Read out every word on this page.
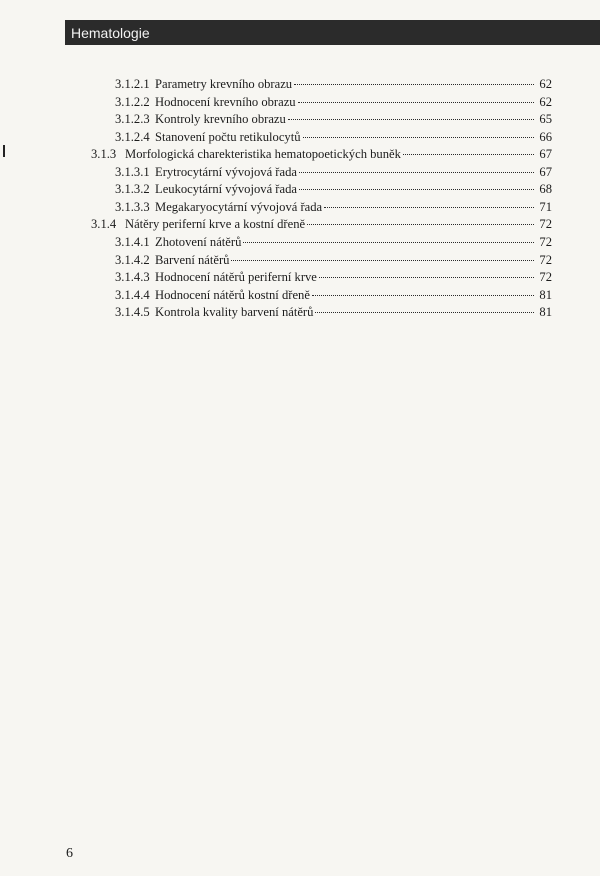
Hematologie
3.1.2.1 Parametry krevního obrazu	62
3.1.2.2 Hodnocení krevního obrazu	62
3.1.2.3 Kontroly krevního obrazu	65
3.1.2.4 Stanovení počtu retikulocytů	66
3.1.3 Morfologická charekteristika hematopoetických buněk	67
3.1.3.1 Erytrocytární vývojová řada	67
3.1.3.2 Leukocytární vývojová řada	68
3.1.3.3 Megakaryocytární vývojová řada	71
3.1.4 Nátěry periferní krve a kostní dřeně	72
3.1.4.1 Zhotovení nátěrů	72
3.1.4.2 Barvení nátěrů	72
3.1.4.3 Hodnocení nátěrů periferní krve	72
3.1.4.4 Hodnocení nátěrů kostní dřeně	81
3.1.4.5 Kontrola kvality barvení nátěrů	81
6
